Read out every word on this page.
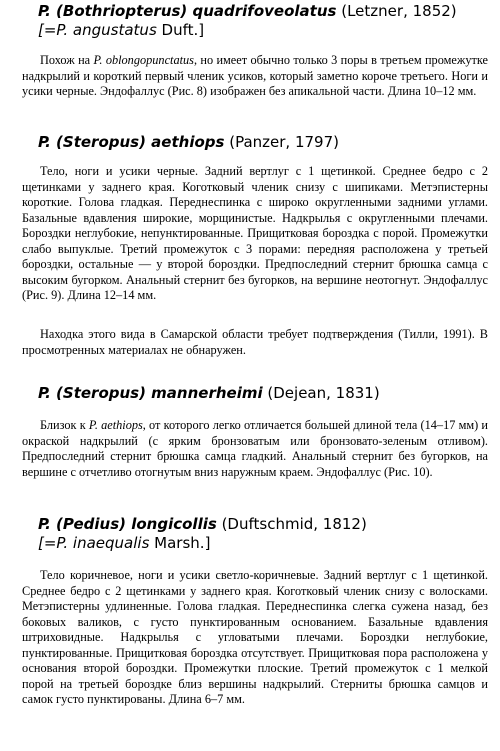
P. (Bothriopterus) quadrifoveolatus (Letzner, 1852)
[=P. angustatus Duft.]
Похож на P. oblongopunctatus, но имеет обычно только 3 поры в третьем промежутке надкрылий и короткий первый членик усиков, который заметно короче третьего. Ноги и усики черные. Эндофаллус (Рис. 8) изображен без апикальной части. Длина 10–12 мм.
P. (Steropus) aethiops (Panzer, 1797)
Тело, ноги и усики черные. Задний вертлуг с 1 щетинкой. Среднее бедро с 2 щетинками у заднего края. Коготковый членик снизу с шипиками. Метэпистерны короткие. Голова гладкая. Переднеспинка с широко округленными задними углами. Базальные вдавления широкие, морщинистые. Надкрылья с округленными плечами. Бороздки неглубокие, непунктированные. Прищитковая бороздка с порой. Промежутки слабо выпуклые. Третий промежуток с 3 порами: передняя расположена у третьей бороздки, остальные — у второй бороздки. Предпоследний стернит брюшка самца с высоким бугорком. Анальный стернит без бугорков, на вершине неотогнут. Эндофаллус (Рис. 9). Длина 12–14 мм.
Находка этого вида в Самарской области требует подтверждения (Тилли, 1991). В просмотренных материалах не обнаружен.
P. (Steropus) mannerheimi (Dejean, 1831)
Близок к P. aethiops, от которого легко отличается большей длиной тела (14–17 мм) и окраской надкрылий (с ярким бронзоватым или бронзовато-зеленым отливом). Предпоследний стернит брюшка самца гладкий. Анальный стернит без бугорков, на вершине с отчетливо отогнутым вниз наружным краем. Эндофаллус (Рис. 10).
P. (Pedius) longicollis (Duftschmid, 1812)
[=P. inaequalis Marsh.]
Тело коричневое, ноги и усики светло-коричневые. Задний вертлуг с 1 щетинкой. Среднее бедро с 2 щетинками у заднего края. Коготковый членик снизу с волосками. Метэпистерны удлиненные. Голова гладкая. Переднеспинка слегка сужена назад, без боковых валиков, с густо пунктированным основанием. Базальные вдавления штриховидные. Надкрылья с угловатыми плечами. Бороздки неглубокие, пунктированные. Прищитковая бороздка отсутствует. Прищитковая пора расположена у основания второй бороздки. Промежутки плоские. Третий промежуток с 1 мелкой порой на третьей бороздке близ вершины надкрылий. Стерниты брюшка самцов и самок густо пунктированы. Длина 6–7 мм.
